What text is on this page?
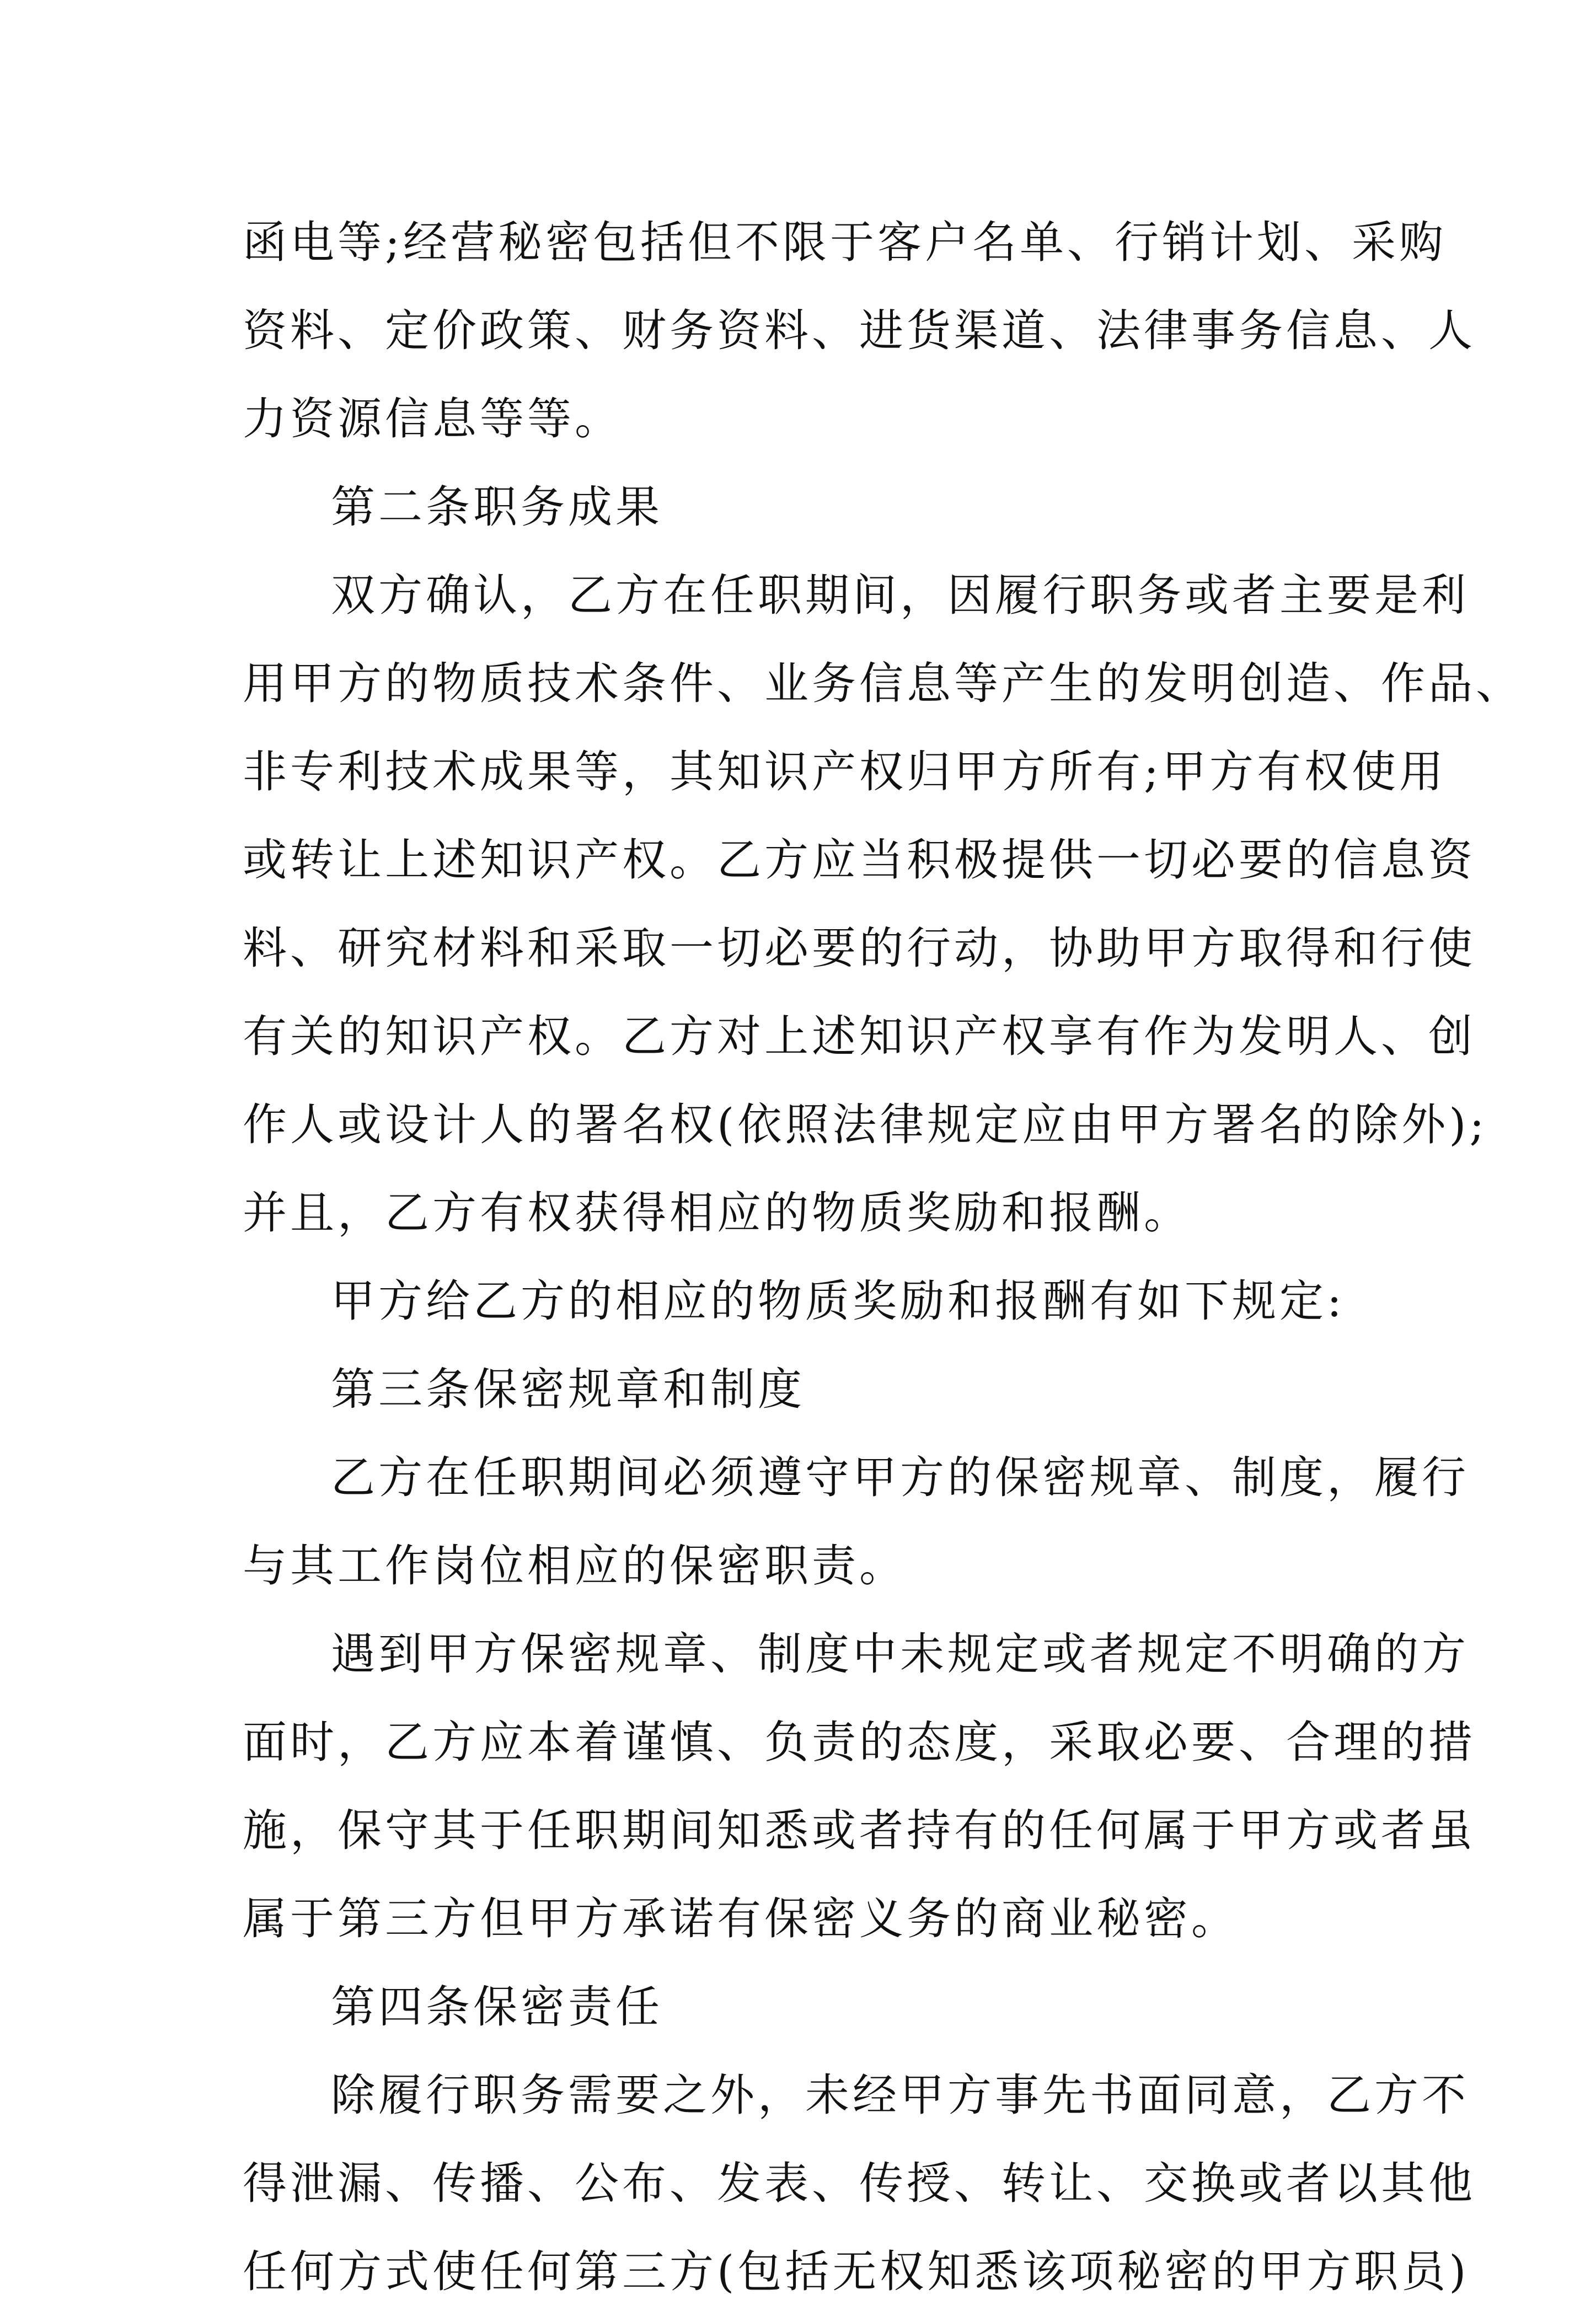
函电等;经营秘密包括但不限于客户名单、行销计划、采购
资料、定价政策、财务资料、进货渠道、法律事务信息、人
力资源信息等等。
第二条职务成果
双方确认，乙方在任职期间，因履行职务或者主要是利
用甲方的物质技术条件、业务信息等产生的发明创造、作品、
非专利技术成果等，其知识产权归甲方所有;甲方有权使用
或转让上述知识产权。乙方应当积极提供一切必要的信息资
料、研究材料和采取一切必要的行动，协助甲方取得和行使
有关的知识产权。乙方对上述知识产权享有作为发明人、创
作人或设计人的署名权(依照法律规定应由甲方署名的除外);
并且，乙方有权获得相应的物质奖励和报酬。
甲方给乙方的相应的物质奖励和报酬有如下规定:
第三条保密规章和制度
乙方在任职期间必须遵守甲方的保密规章、制度，履行
与其工作岗位相应的保密职责。
遇到甲方保密规章、制度中未规定或者规定不明确的方
面时，乙方应本着谨慎、负责的态度，采取必要、合理的措
施，保守其于任职期间知悉或者持有的任何属于甲方或者虽
属于第三方但甲方承诺有保密义务的商业秘密。
第四条保密责任
除履行职务需要之外，未经甲方事先书面同意，乙方不
得泄漏、传播、公布、发表、传授、转让、交换或者以其他
任何方式使任何第三方(包括无权知悉该项秘密的甲方职员)
